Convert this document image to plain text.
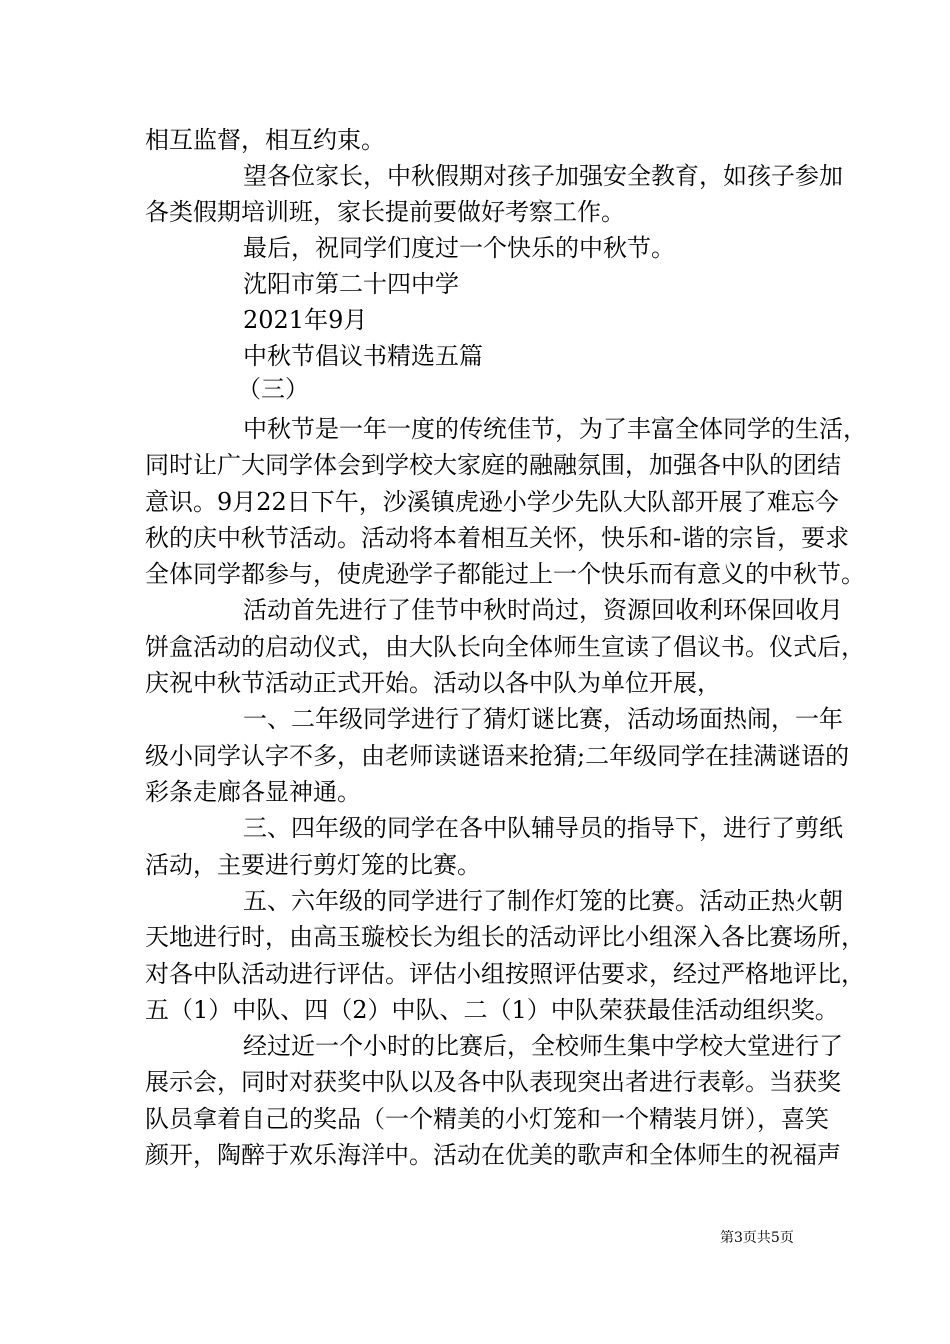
相互监督，相互约束。
望各位家长，中秋假期对孩子加强安全教育，如孩子参加
各类假期培训班，家长提前要做好考察工作。
最后，祝同学们度过一个快乐的中秋节。
沈阳市第二十四中学
2021年9月
中秋节倡议书精选五篇
（三）
中秋节是一年一度的传统佳节，为了丰富全体同学的生活，
同时让广大同学体会到学校大家庭的融融氛围，加强各中队的团结
意识。9月22日下午，沙溪镇虎逊小学少先队大队部开展了难忘今
秋的庆中秋节活动。活动将本着相互关怀，快乐和-谐的宗旨，要求
全体同学都参与，使虎逊学子都能过上一个快乐而有意义的中秋节。
活动首先进行了佳节中秋时尚过，资源回收利环保回收月
饼盒活动的启动仪式，由大队长向全体师生宣读了倡议书。仪式后，
庆祝中秋节活动正式开始。活动以各中队为单位开展，
一、二年级同学进行了猜灯谜比赛，活动场面热闹，一年
级小同学认字不多，由老师读谜语来抢猜;二年级同学在挂满谜语的
彩条走廊各显神通。
三、四年级的同学在各中队辅导员的指导下，进行了剪纸
活动，主要进行剪灯笼的比赛。
五、六年级的同学进行了制作灯笼的比赛。活动正热火朝
天地进行时，由高玉璇校长为组长的活动评比小组深入各比赛场所，
对各中队活动进行评估。评估小组按照评估要求，经过严格地评比，
五（1）中队、四（2）中队、二（1）中队荣获最佳活动组织奖。
经过近一个小时的比赛后，全校师生集中学校大堂进行了
展示会，同时对获奖中队以及各中队表现突出者进行表彰。当获奖
队员拿着自己的奖品（一个精美的小灯笼和一个精装月饼），喜笑
颜开，陶醉于欢乐海洋中。活动在优美的歌声和全体师生的祝福声
第3页共5页
